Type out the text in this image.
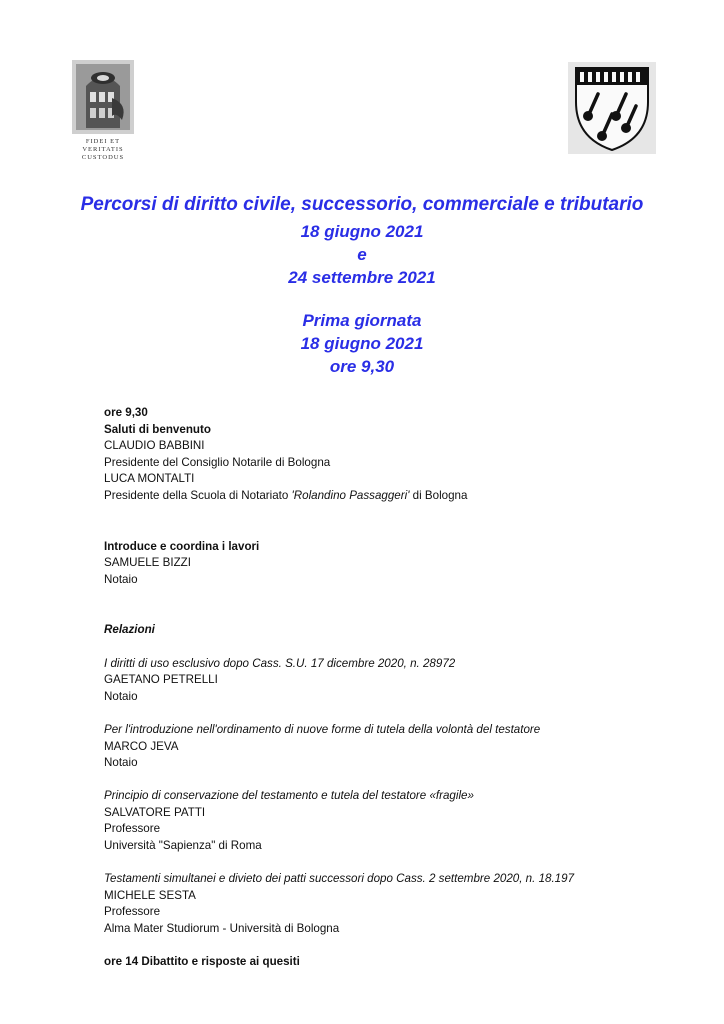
FIDEI ET
VERITATIS
CUSTODUS
Percorsi di diritto civile, successorio, commerciale e tributario
18 giugno 2021
e
24 settembre 2021
Prima giornata
18 giugno 2021
ore 9,30
ore 9,30
Saluti di benvenuto
CLAUDIO BABBINI
Presidente del Consiglio Notarile di Bologna
LUCA MONTALTI
Presidente della Scuola di Notariato 'Rolandino Passaggeri' di Bologna
Introduce e coordina i lavori
SAMUELE BIZZI
Notaio
Relazioni
I diritti di uso esclusivo dopo Cass. S.U. 17 dicembre 2020, n. 28972
GAETANO PETRELLI
Notaio
Per l'introduzione nell'ordinamento di nuove forme di tutela della volontà del testatore
MARCO JEVA
Notaio
Principio di conservazione del testamento e tutela del testatore «fragile»
SALVATORE PATTI
Professore
Università "Sapienza" di Roma
Testamenti simultanei e divieto dei patti successori dopo Cass. 2 settembre 2020, n. 18.197
MICHELE SESTA
Professore
Alma Mater Studiorum - Università di Bologna
ore 14 Dibattito e risposte ai quesiti
